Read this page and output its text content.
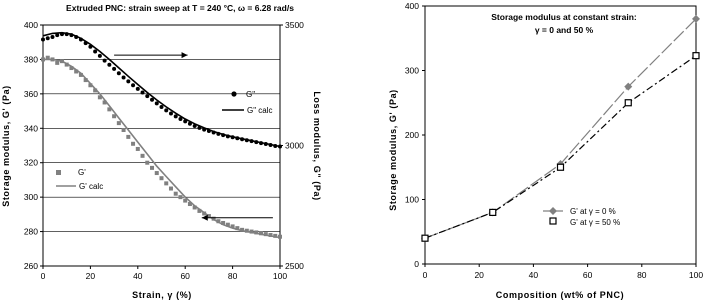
Extruded PNC: strain sweep at T = 240 °C, ω = 6.28 rad/s
260
280
300
320
340
360
380
400
2500
3000
3500
0	20	40	60	80	100
Strain, γ (%)
Storage modulus, G' (Pa)	Loss modulus, G" (Pa)
G"
G" calc
G'
G' calc
Storage modulus at constant strain:
γ = 0 and 50 %
0
100
200
300
400
0	20	40	60	80	100
Composition (wt% of PNC)
Storage modulus, G' (Pa)
G' at γ = 0 %
G' at γ = 50 %
